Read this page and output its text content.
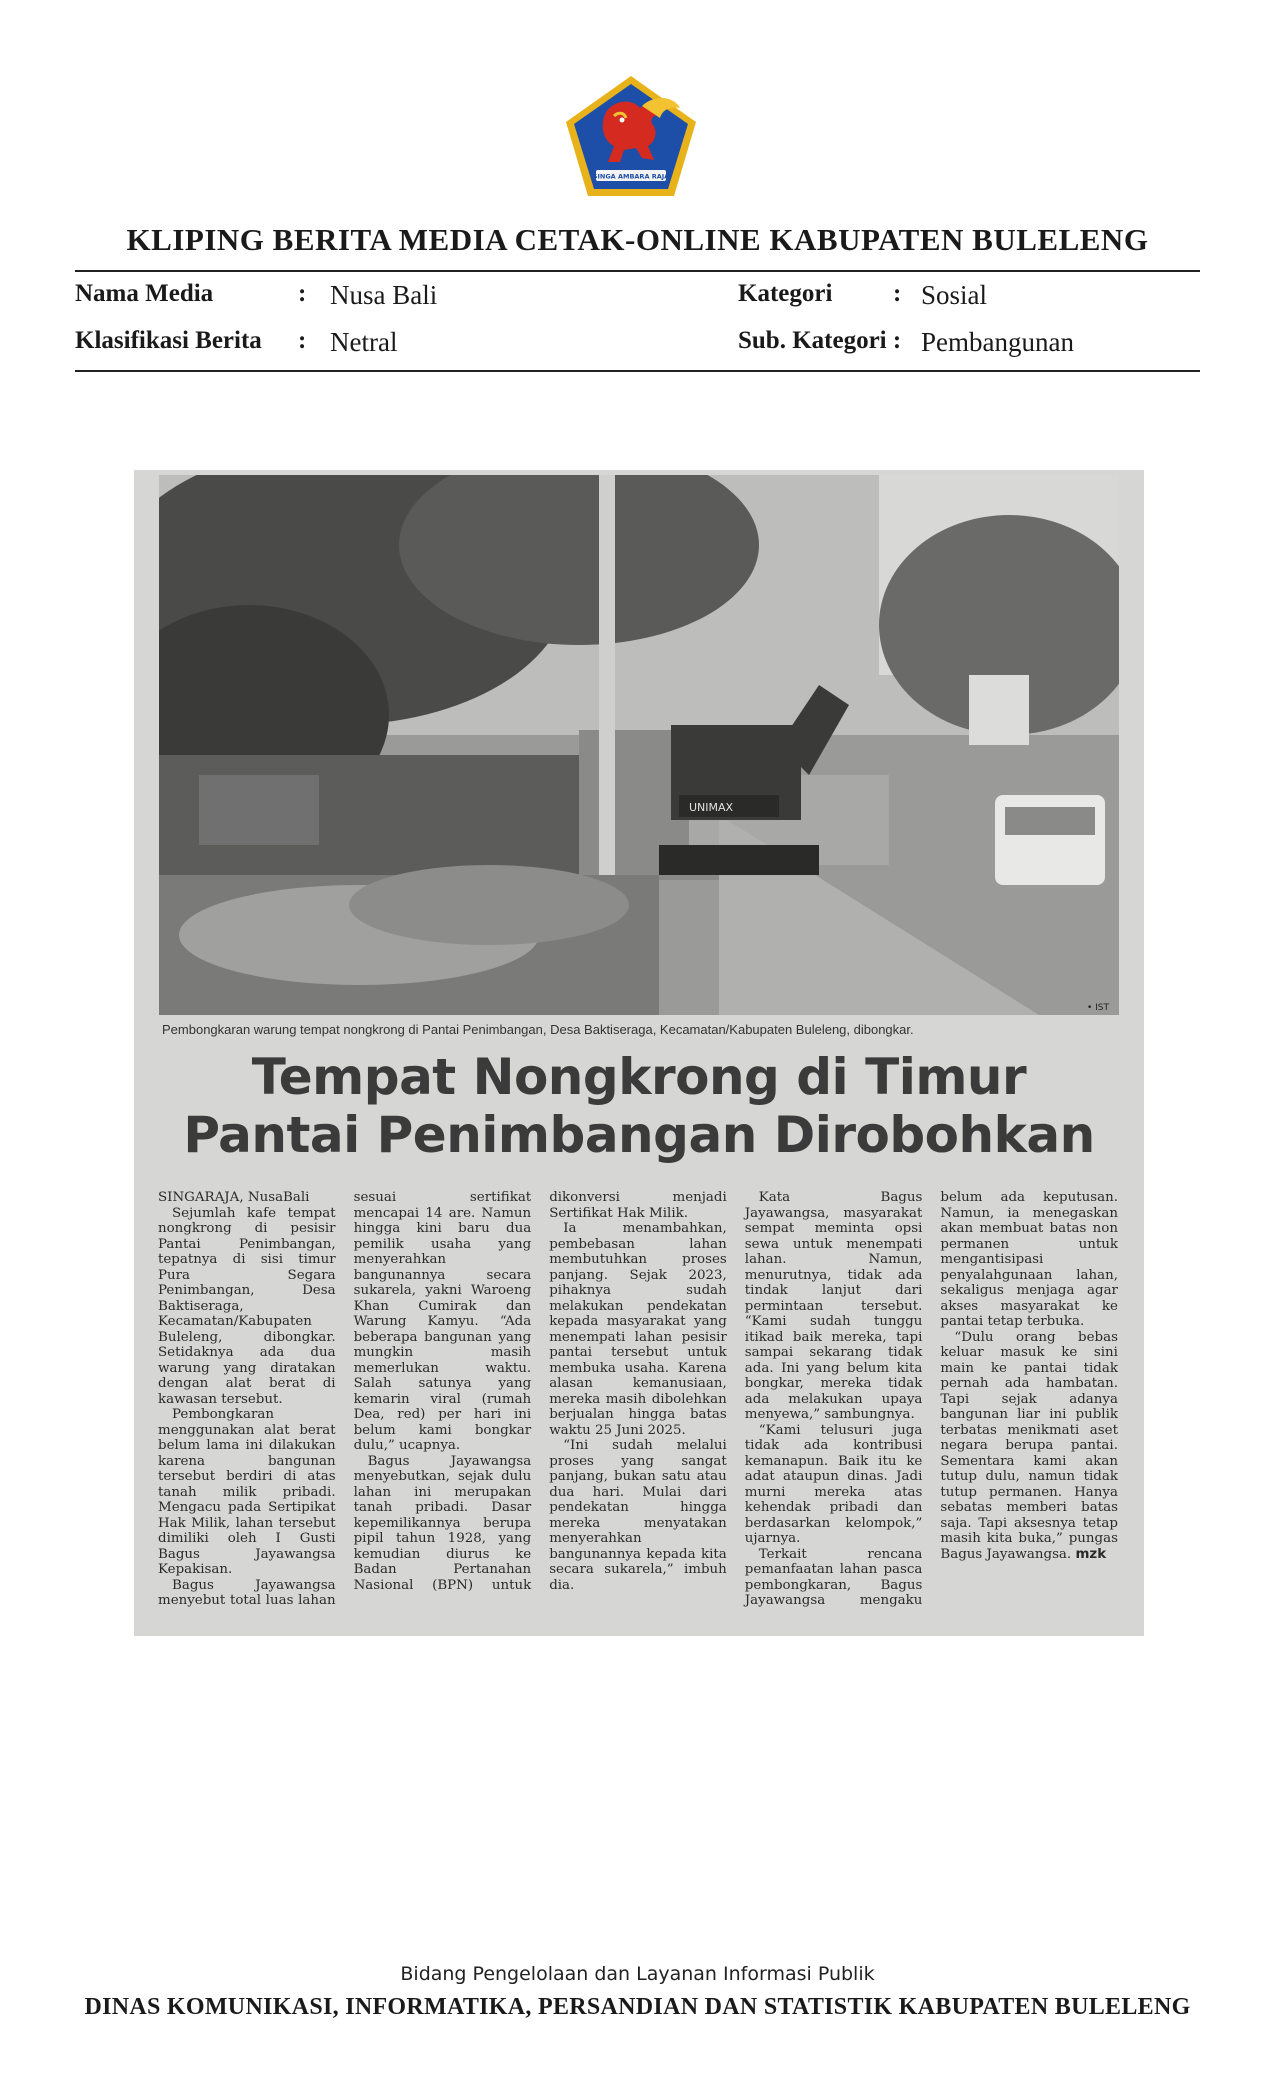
SINGA AMBARA RAJA
KLIPING BERITA MEDIA CETAK-ONLINE KABUPATEN BULELENG
Nama Media	: Nusa Bali	Kategori : Sosial
Klasifikasi Berita : Netral	Sub. Kategori : Pembangunan
UNIMAX
• IST
Pembongkaran warung tempat nongkrong di Pantai Penimbangan, Desa Baktiseraga, Kecamatan/Kabupaten Buleleng, dibongkar.
Tempat Nongkrong di Timur
Pantai Penimbangan Dirobohkan

SINGARAJA, NusaBali

Sejumlah kafe tempat nongkrong di pesisir Pantai Penimbangan, tepatnya di sisi timur Pura Segara Penimbangan, Desa Baktiseraga, Kecamatan/Kabupaten Buleleng, dibongkar. Setidaknya ada dua warung yang diratakan dengan alat berat di kawasan tersebut.

Pembongkaran menggunakan alat berat belum lama ini dilakukan karena bangunan tersebut berdiri di atas tanah milik pribadi. Mengacu pada Sertipikat Hak Milik, lahan tersebut dimiliki oleh I Gusti Bagus Jayawangsa Kepakisan.

Bagus Jayawangsa menyebut total luas lahan sesuai sertifikat mencapai 14 are. Namun hingga kini baru dua pemilik usaha yang menyerahkan bangunannya secara sukarela, yakni Waroeng Khan Cumirak dan Warung Kamyu. “Ada beberapa bangunan yang mungkin masih memerlukan waktu. Salah satunya yang kemarin viral (rumah Dea, red) per hari ini belum kami bongkar dulu,” ucapnya.

Bagus Jayawangsa menyebutkan, sejak dulu lahan ini merupakan tanah pribadi. Dasar kepemilikannya berupa pipil tahun 1928, yang kemudian diurus ke Badan Pertanahan Nasional (BPN) untuk dikonversi menjadi Sertifikat Hak Milik.

Ia menambahkan, pembebasan lahan membutuhkan proses panjang. Sejak 2023, pihaknya sudah melakukan pendekatan kepada masyarakat yang menempati lahan pesisir pantai tersebut untuk membuka usaha. Karena alasan kemanusiaan, mereka masih dibolehkan berjualan hingga batas waktu 25 Juni 2025.

“Ini sudah melalui proses yang sangat panjang, bukan satu atau dua hari. Mulai dari pendekatan hingga mereka menyatakan menyerahkan bangunannya kepada kita secara sukarela,” imbuh dia.

Kata Bagus Jayawangsa, masyarakat sempat meminta opsi sewa untuk menempati lahan. Namun, menurutnya, tidak ada tindak lanjut dari permintaan tersebut. “Kami sudah tunggu itikad baik mereka, tapi sampai sekarang tidak ada. Ini yang belum kita bongkar, mereka tidak ada melakukan upaya menyewa,” sambungnya.

“Kami telusuri juga tidak ada kontribusi kemanapun. Baik itu ke adat ataupun dinas. Jadi murni mereka atas kehendak pribadi dan berdasarkan kelompok,” ujarnya.

Terkait rencana pemanfaatan lahan pasca pembongkaran, Bagus Jayawangsa mengaku belum ada keputusan. Namun, ia menegaskan akan membuat batas non permanen untuk mengantisipasi penyalahgunaan lahan, sekaligus menjaga agar akses masyarakat ke pantai tetap terbuka.

“Dulu orang bebas keluar masuk ke sini main ke pantai tidak pernah ada hambatan. Tapi sejak adanya bangunan liar ini publik terbatas menikmati aset negara berupa pantai. Sementara kami akan tutup dulu, namun tidak tutup permanen. Hanya sebatas memberi batas saja. Tapi aksesnya tetap masih kita buka,” pungas Bagus Jayawangsa. mzk

Bidang Pengelolaan dan Layanan Informasi Publik
DINAS KOMUNIKASI, INFORMATIKA, PERSANDIAN DAN STATISTIK KABUPATEN BULELENG
